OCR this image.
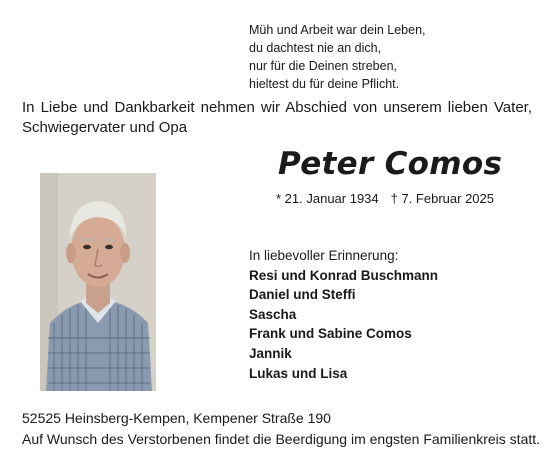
Müh und Arbeit war dein Leben,
du dachtest nie an dich,
nur für die Deinen streben,
hieltest du für deine Pflicht.
In Liebe und Dankbarkeit nehmen wir Abschied von unserem lieben Vater, Schwiegervater und Opa
Peter Comos
* 21. Januar 1934 † 7. Februar 2025
In liebevoller Erinnerung:
Resi und Konrad Buschmann
Daniel und Steffi
Sascha
Frank und Sabine Comos
Jannik
Lukas und Lisa
52525 Heinsberg-Kempen, Kempener Straße 190
Auf Wunsch des Verstorbenen findet die Beerdigung im engsten Familienkreis statt.
